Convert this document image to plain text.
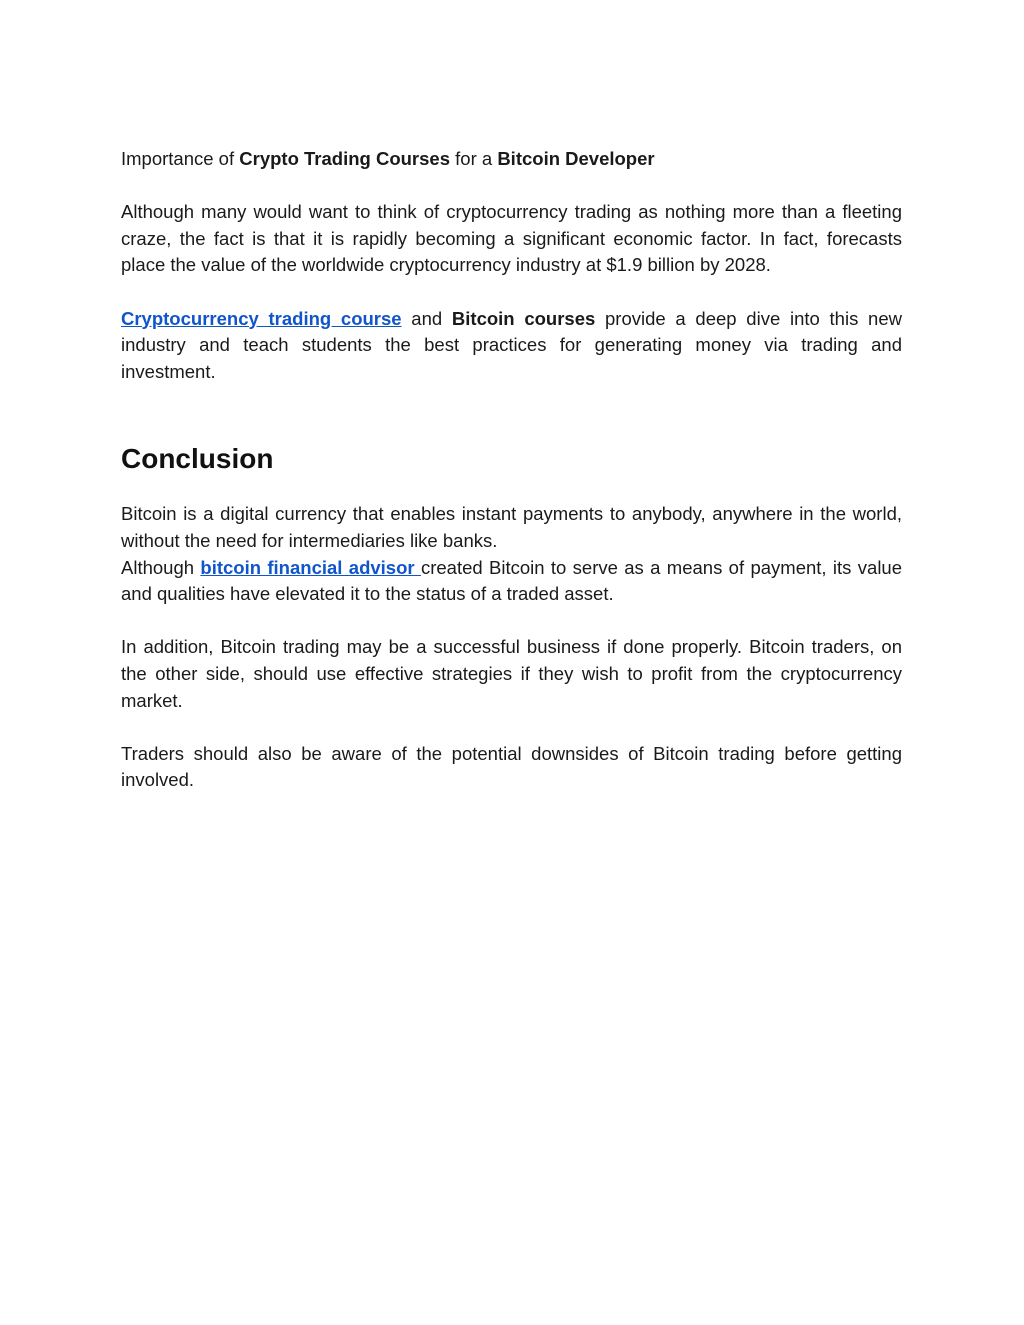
Importance of Crypto Trading Courses for a Bitcoin Developer

Although many would want to think of cryptocurrency trading as nothing more than a fleeting craze, the fact is that it is rapidly becoming a significant economic factor. In fact, forecasts place the value of the worldwide cryptocurrency industry at $1.9 billion by 2028.

Cryptocurrency trading course and Bitcoin courses provide a deep dive into this new industry and teach students the best practices for generating money via trading and investment.

Conclusion

Bitcoin is a digital currency that enables instant payments to anybody, anywhere in the world, without the need for intermediaries like banks.
Although bitcoin financial advisor created Bitcoin to serve as a means of payment, its value and qualities have elevated it to the status of a traded asset.

In addition, Bitcoin trading may be a successful business if done properly. Bitcoin traders, on the other side, should use effective strategies if they wish to profit from the cryptocurrency market.

Traders should also be aware of the potential downsides of Bitcoin trading before getting involved.
